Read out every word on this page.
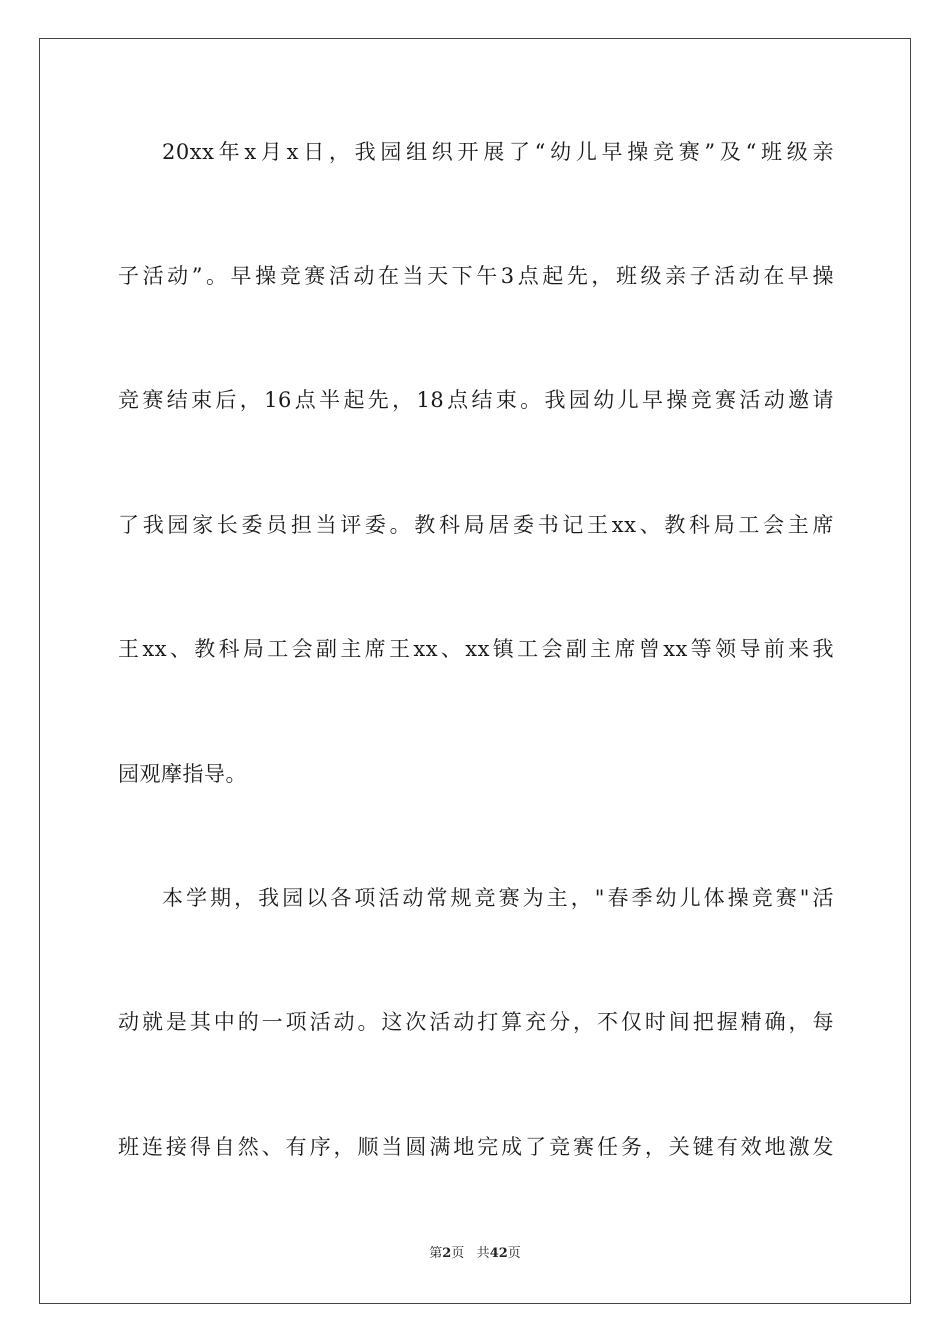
20xx年x月x日，我园组织开展了“幼儿早操竞赛”及“班级亲
子活动”。早操竞赛活动在当天下午3点起先，班级亲子活动在早操
竞赛结束后，16点半起先，18点结束。我园幼儿早操竞赛活动邀请
了我园家长委员担当评委。教科局居委书记王xx、教科局工会主席
王xx、教科局工会副主席王xx、xx镇工会副主席曾xx等领导前来我
园观摩指导。
本学期，我园以各项活动常规竞赛为主，"春季幼儿体操竞赛"活
动就是其中的一项活动。这次活动打算充分，不仅时间把握精确，每
班连接得自然、有序，顺当圆满地完成了竞赛任务，关键有效地激发
第2页 共42页
